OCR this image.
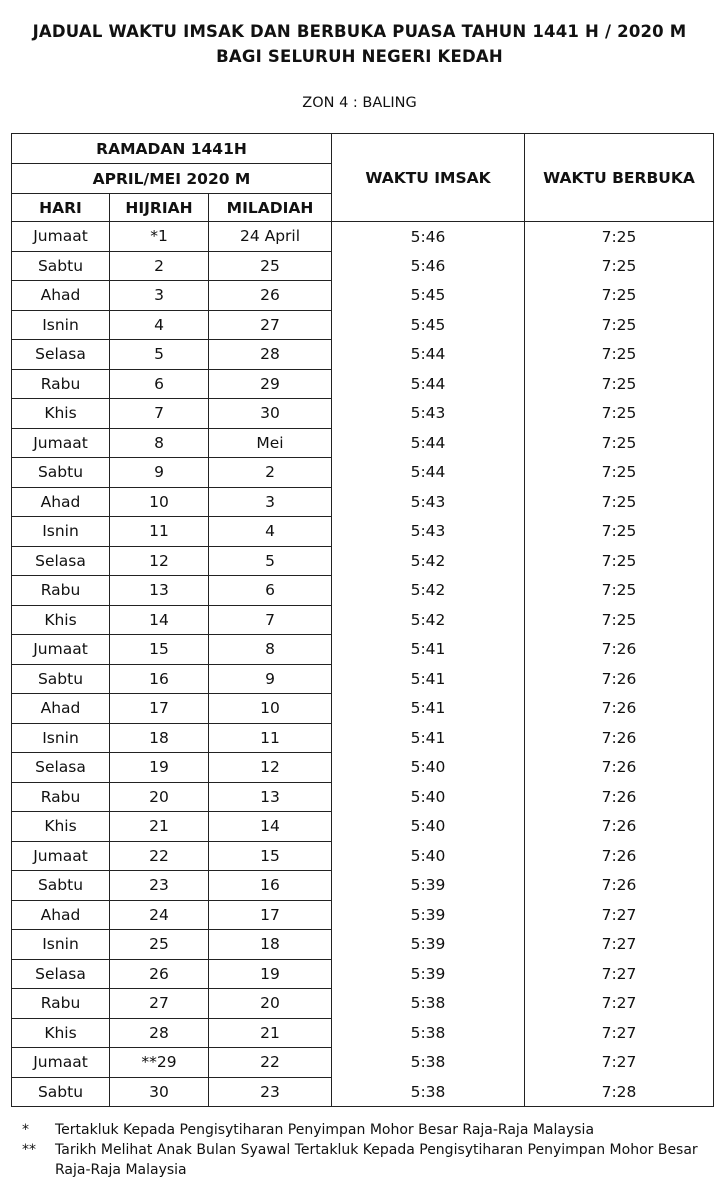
JADUAL WAKTU IMSAK DAN BERBUKA PUASA TAHUN 1441 H / 2020 M
BAGI SELURUH NEGERI KEDAH
ZON 4 : BALING
RAMADAN 1441H			WAKTU IMSAK	WAKTU BERBUKA
APRIL/MEI 2020 M				
HARI	HIJRIAH	MILADIAH		
Jumaat	*1	24 April	5:46	7:25
Sabtu	2	25	5:46	7:25
Ahad	3	26	5:45	7:25
Isnin	4	27	5:45	7:25
Selasa	5	28	5:44	7:25
Rabu	6	29	5:44	7:25
Khis	7	30	5:43	7:25
Jumaat	8	Mei	5:44	7:25
Sabtu	9	2	5:44	7:25
Ahad	10	3	5:43	7:25
Isnin	11	4	5:43	7:25
Selasa	12	5	5:42	7:25
Rabu	13	6	5:42	7:25
Khis	14	7	5:42	7:25
Jumaat	15	8	5:41	7:26
Sabtu	16	9	5:41	7:26
Ahad	17	10	5:41	7:26
Isnin	18	11	5:41	7:26
Selasa	19	12	5:40	7:26
Rabu	20	13	5:40	7:26
Khis	21	14	5:40	7:26
Jumaat	22	15	5:40	7:26
Sabtu	23	16	5:39	7:26
Ahad	24	17	5:39	7:27
Isnin	25	18	5:39	7:27
Selasa	26	19	5:39	7:27
Rabu	27	20	5:38	7:27
Khis	28	21	5:38	7:27
Jumaat	**29	22	5:38	7:27
Sabtu	30	23	5:38	7:28
* Tertakluk Kepada Pengisytiharan Penyimpan Mohor Besar Raja-Raja Malaysia
** Tarikh Melihat Anak Bulan Syawal Tertakluk Kepada Pengisytiharan Penyimpan Mohor Besar Raja-Raja Malaysia
